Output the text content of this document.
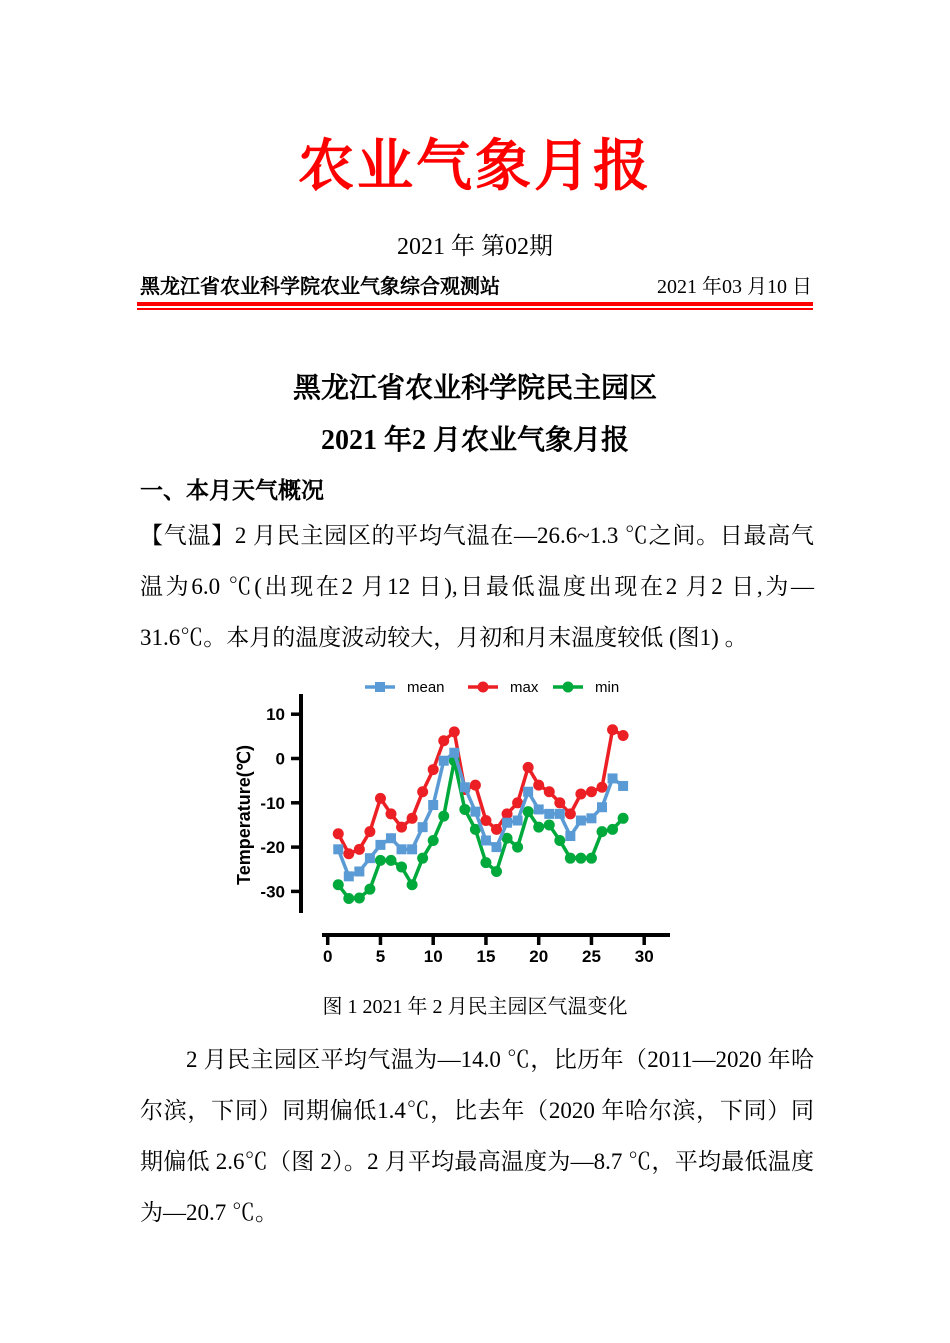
农业气象月报
2021 年 第02期
黑龙江省农业科学院农业气象综合观测站	2021 年03 月10 日
黑龙江省农业科学院民主园区
2021 年2 月农业气象月报
一、本月天气概况
【气温】2 月民主园区的平均气温在—26.6~1.3 ℃之间。日最高气温为6.0 ℃(出现在2 月12 日),日最低温度出现在2 月2 日,为—31.6℃。本月的温度波动较大，月初和月末温度较低 (图1) 。
10
0
-10
-20
-30
Temperature(℃)
0	5 10 15 20 25 30
mean	max	min
图 1 2021 年 2 月民主园区气温变化
2 月民主园区平均气温为—14.0 ℃，比历年（2011—2020 年哈尔滨，下同）同期偏低1.4℃，比去年（2020 年哈尔滨，下同）同期偏低 2.6℃（图 2）。2 月平均最高温度为—8.7 ℃，平均最低温度为—20.7 ℃。
